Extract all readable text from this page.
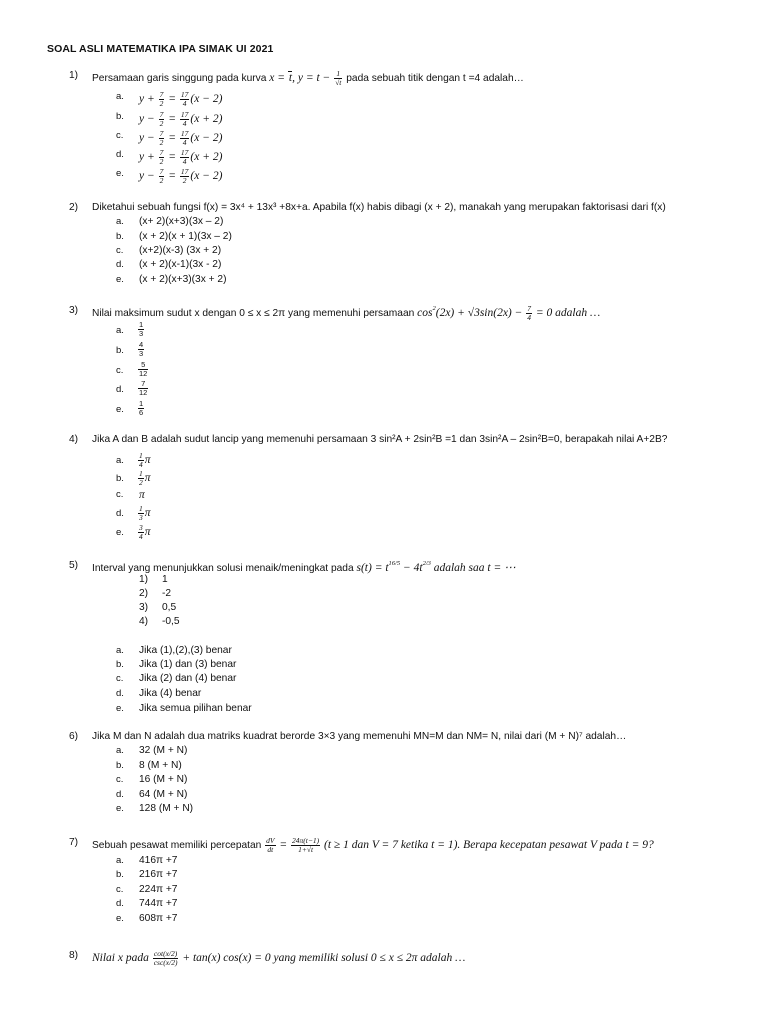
SOAL ASLI MATEMATIKA IPA SIMAK UI 2021
1) Persamaan garis singgung pada kurva x = t, $y = t - \frac{1}{√t}$ pada sebuah titik dengan t =4 adalah…
a. $y + \frac{7}{2} = \frac{17}{4} (x - 2)$
b. $y - \frac{7}{2} = \frac{17}{4} (x + 2)$
c. $y - \frac{7}{2} = \frac{17}{4} (x - 2)$
d. $y + \frac{7}{2} = \frac{17}{4} (x + 2)$
e. $y - \frac{7}{2} = \frac{17}{2} (x - 2)$
2) Diketahui sebuah fungsi f(x) = 3x⁴ + 13x³ +8x+a. Apabila f(x) habis dibagi (x + 2), manakah yang merupakan faktorisasi dari f(x)
a. (x+ 2)(x+3)(3x – 2)
b. (x + 2)(x + 1)(3x – 2)
c. (x+2)(x-3) (3x + 2)
d. (x + 2)(x-1)(3x - 2)
e. (x + 2)(x+3)(3x + 2)
3) Nilai maksimum sudut x dengan 0 ≤ x ≤ 2π yang memenuhi persamaan $\cos^2(2x) + √3\sin(2x) - \frac{7}{4} = 0$ adalah …
a. $\frac{1}{3}$
b. $\frac{4}{3}$
c. $\frac{5}{12}$
d. $\frac{7}{12}$
e. $\frac{1}{6}$
4) Jika A dan B adalah sudut lancip yang memenuhi persamaan 3 sin²A + 2sin²B =1 dan 3sin²A – 2sin²B=0, berapakah nilai A+2B?
a. $\frac{1}{4}$ π
b. $\frac{1}{2}$ π
c. π
d. $\frac{1}{3}$ π
e. $\frac{3}{4}$ π
5) Interval yang menunjukkan solusi menaik/meningkat pada $s(t) = t^{16/5} - 4t^{2/3}$ adalah saa t = ⋯
1) 1
2) -2
3) 0,5
4) -0,5
a. Jika (1),(2),(3) benar
b. Jika (1) dan (3) benar
c. Jika (2) dan (4) benar
d. Jika (4) benar
e. Jika semua pilihan benar
6) Jika M dan N adalah dua matriks kuadrat berorde 3×3 yang memenuhi MN=M dan NM= N, nilai dari (M + N)⁷ adalah…
a. 32 (M + N)
b. 8 (M + N)
c. 16 (M + N)
d. 64 (M + N)
e. 128 (M + N)
7) Sebuah pesawat memiliki percepatan $\frac{dV}{dt} = \frac{24\pi(t-1)}{1+√t} (t \ge 1$ dan V = 7 ketika t = 1). Berapa kecepatan pesawat V pada t = 9?
a. 416π +7
b. 216π +7
c. 224π +7
d. 744π +7
e. 608π +7
8) Nilai x pada cot(x/2)
csc(x/2) + tan(x) cos(x) = 0 yang memiliki solusi 0 ≤ x ≤ 2π adalah …
